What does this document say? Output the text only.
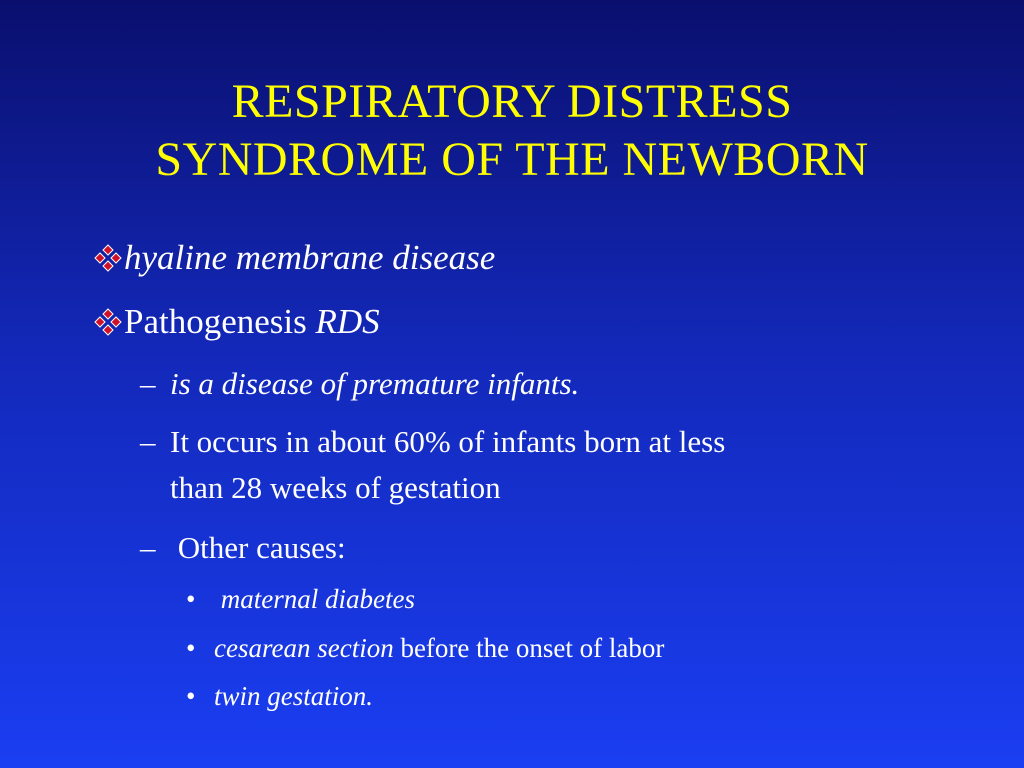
RESPIRATORY DISTRESS
SYNDROME OF THE NEWBORN
hyaline membrane disease
Pathogenesis RDS
– is a disease of premature infants.
– It occurs in about 60% of infants born at less
than 28 weeks of gestation
– Other causes:
• maternal diabetes
• cesarean section before the onset of labor
• twin gestation.
